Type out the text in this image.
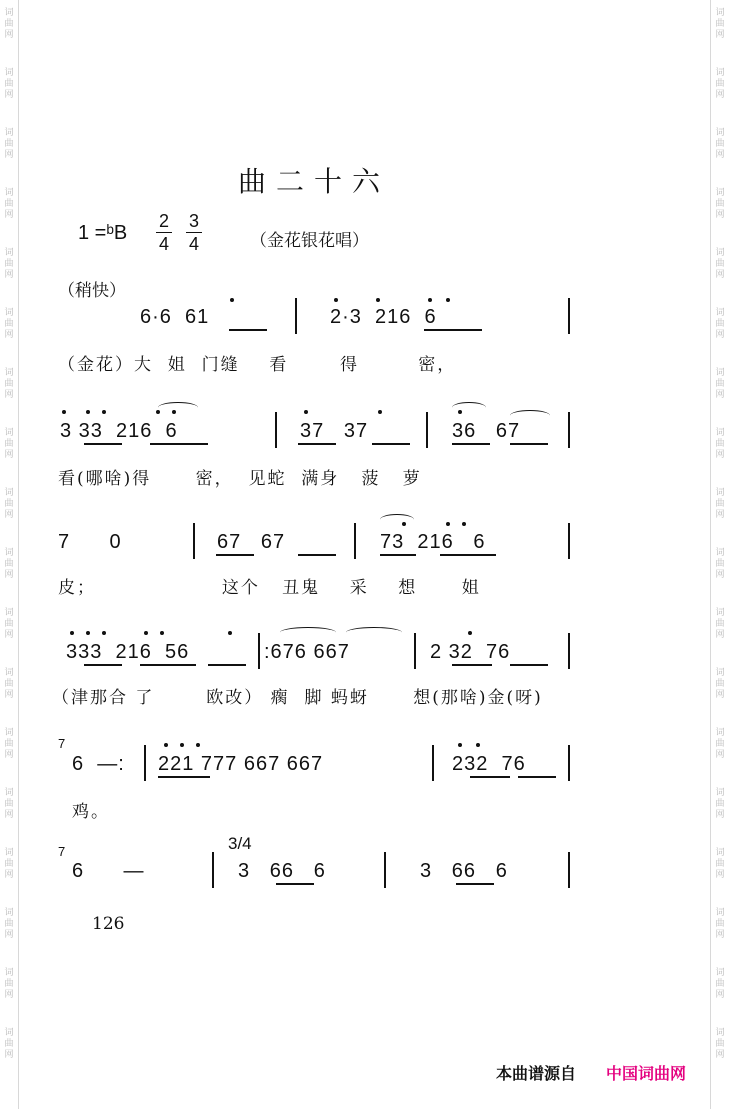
词
曲
网
词
曲
网
词
曲
网
词
曲
网
词
曲
网
词
曲
网
词
曲
网
词
曲
网
词
曲
网
词
曲
网
词
曲
网
词
曲
网
词
曲
网
词
曲
网
词
曲
网
词
曲
网
词
曲
网
词
曲
网
词
曲
网
词
曲
网
词
曲
网
词
曲
网
词
曲
网
词
曲
网
词
曲
网
词
曲
网
词
曲
网
词
曲
网
词
曲
网
词
曲
网
词
曲
网
词
曲
网
词
曲
网
词
曲
网
词
曲
网
词
曲
网
曲二十六
1 =ᵇB $\frac{2}{4} \frac{3}{4}$	（金花银花唱）
（稍快）
6·6  61	2·3  216  6
（金花）大  姐  门缝    看       得        密，
3 33  216  6	37   37	36   67
看(哪啥)得      密，  见蛇  满身   菠   萝
7      0	67   67	73  216   6
皮；                 这个   丑鬼    采    想      姐
333  216  56	:676 667	2 32  76
（津那合 了       欧改） 瘸  脚 蚂蚜      想(那啥)金(呀)
7
6  —: 221 777 667 667	232  76
鸡。
3/4
7
6      —	3   66   6	3   66   6
126
本曲谱源自 中国词曲网
